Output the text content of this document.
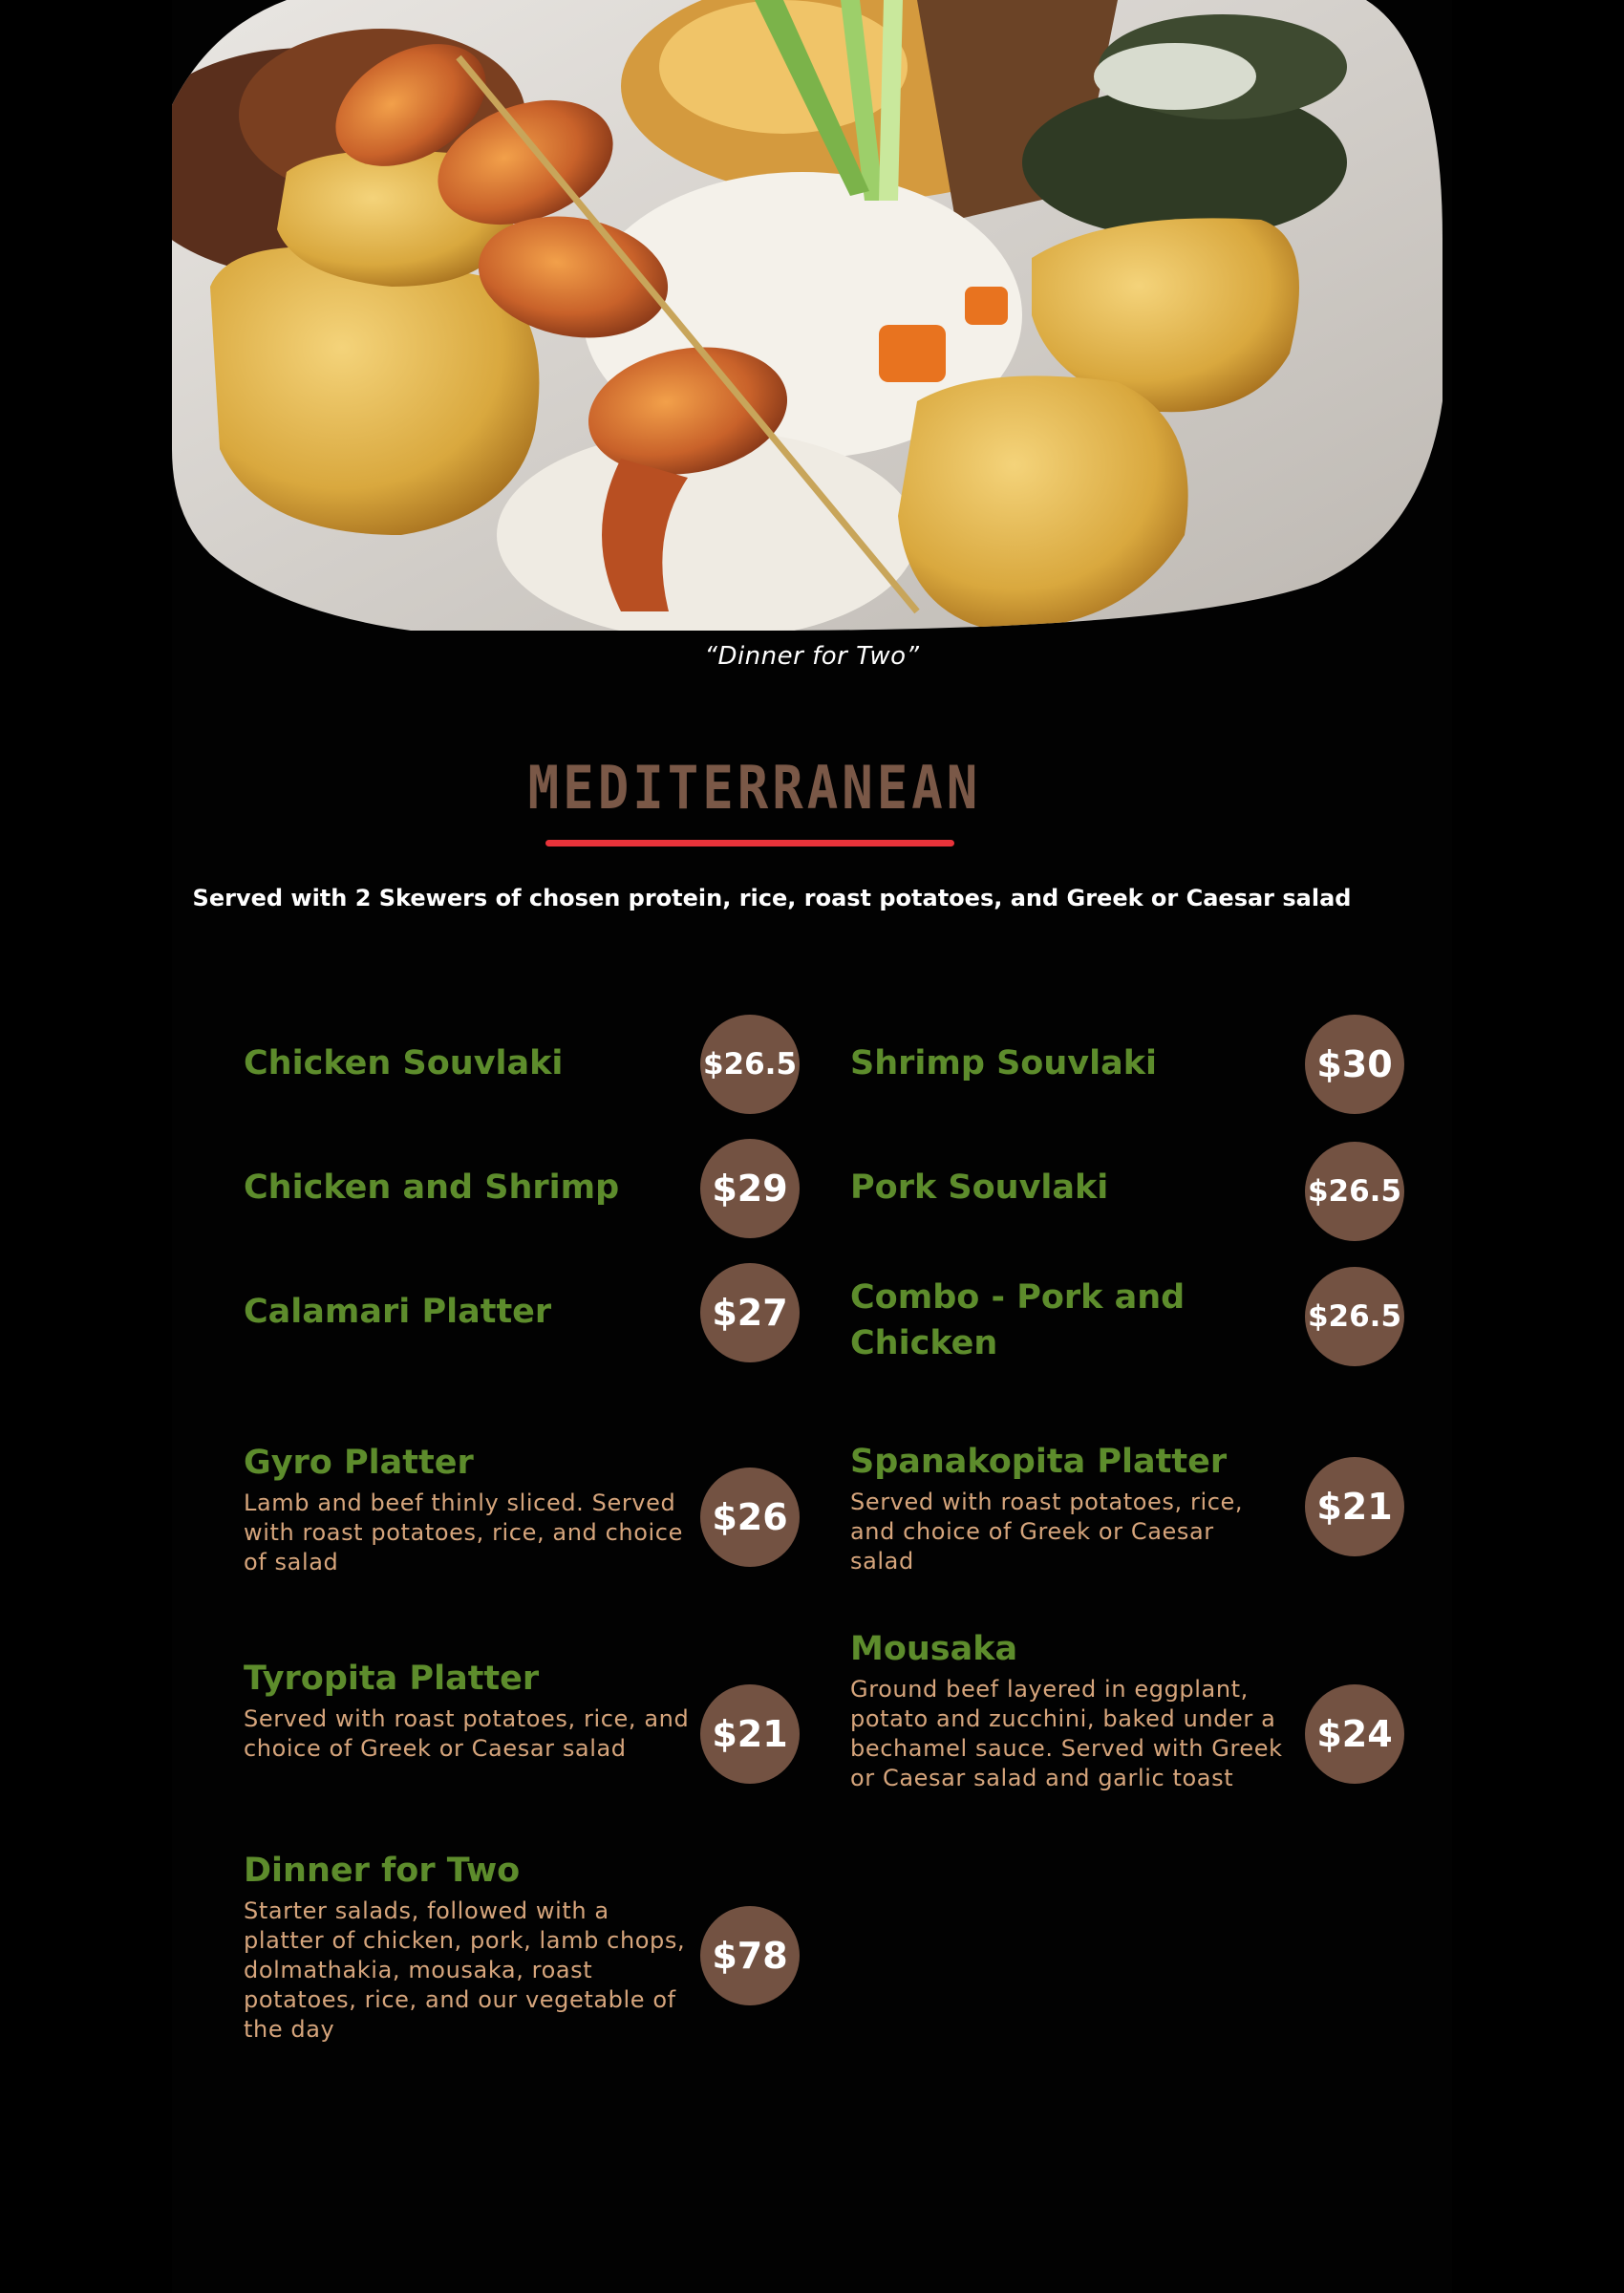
“Dinner for Two”
MEDITERRANEAN
Served with 2 Skewers of chosen protein, rice, roast potatoes, and Greek or Caesar salad
Chicken Souvlaki	$26.5
Chicken and Shrimp	$29
Calamari Platter	$27
Gyro Platter
Lamb and beef thinly sliced. Served with roast potatoes, rice, and choice of salad
$26
Tyropita Platter
Served with roast potatoes, rice, and choice of Greek or Caesar salad	$21
Dinner for Two
Starter salads, followed with a platter of chicken, pork, lamb chops, dolmathakia, mousaka, roast potatoes, rice, and our vegetable of the day
$78
Shrimp Souvlaki	$30
Pork Souvlaki	$26.5
Combo - Pork and Chicken
$26.5
Spanakopita Platter
Served with roast potatoes, rice, and choice of Greek or Caesar salad
$21
Mousaka
Ground beef layered in eggplant, potato and zucchini, baked under a bechamel sauce. Served with Greek or Caesar salad and garlic toast
$24
